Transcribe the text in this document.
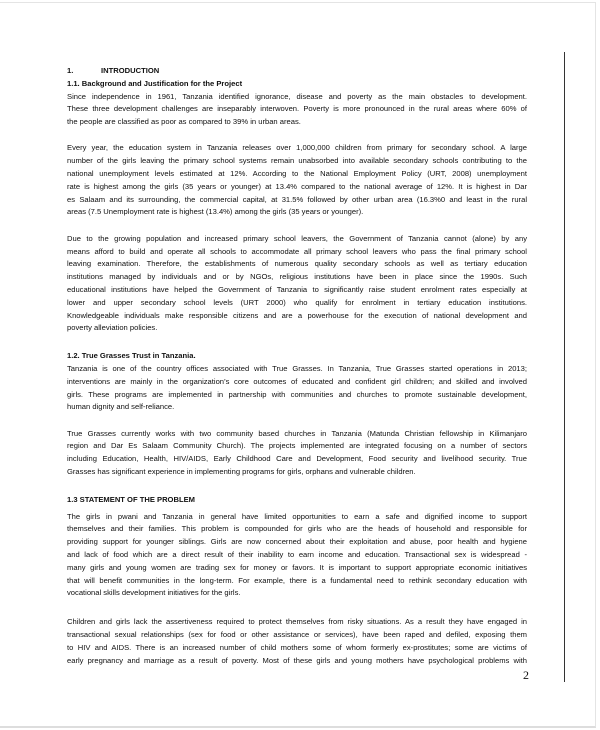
1.	INTRODUCTION
1.1. Background and Justification for the Project
Since independence in 1961, Tanzania identified ignorance, disease and poverty as the main obstacles to development.
These three development challenges are inseparably interwoven. Poverty is more pronounced in the rural areas where 60% of
the people are classified as poor as compared to 39% in urban areas.
Every year, the education system in Tanzania releases over 1,000,000 children from primary for secondary school. A large
number of the girls leaving the primary school systems remain unabsorbed into available secondary schools contributing to the
national unemployment levels estimated at 12%. According to the National Employment Policy (URT, 2008) unemployment
rate is highest among the girls (35 years or younger) at 13.4% compared to the national average of 12%. It is highest in Dar
es Salaam and its surrounding, the commercial capital, at 31.5% followed by other urban area (16.3%0 and least in the rural
areas (7.5 Unemployment rate is highest (13.4%) among the girls (35 years or younger).
Due to the growing population and increased primary school leavers, the Government of Tanzania cannot (alone) by any
means afford to build and operate all schools to accommodate all primary school leavers who pass the final primary school
leaving examination. Therefore, the establishments of numerous quality secondary schools as well as tertiary education
institutions managed by individuals and or by NGOs, religious institutions have been in place since the 1990s. Such
educational institutions have helped the Government of Tanzania to significantly raise student enrolment rates especially at
lower and upper secondary school levels (URT 2000) who qualify for enrolment in tertiary education institutions.
Knowledgeable individuals make responsible citizens and are a powerhouse for the execution of national development and
poverty alleviation policies.
1.2. True Grasses Trust in Tanzania.
Tanzania is one of the country offices associated with True Grasses. In Tanzania, True Grasses started operations in 2013;
interventions are mainly in the organization’s core outcomes of educated and confident girl children; and skilled and involved
girls. These programs are implemented in partnership with communities and churches to promote sustainable development,
human dignity and self-reliance.
True Grasses currently works with two community based churches in Tanzania (Matunda Christian fellowship in Kilimanjaro
region and Dar Es Salaam Community Church). The projects implemented are integrated focusing on a number of sectors
including Education, Health, HIV/AIDS, Early Childhood Care and Development, Food security and livelihood security. True
Grasses has significant experience in implementing programs for girls, orphans and vulnerable children.
1.3 STATEMENT OF THE PROBLEM
The girls in pwani and Tanzania in general have limited opportunities to earn a safe and dignified income to support
themselves and their families. This problem is compounded for girls who are the heads of household and responsible for
providing support for younger siblings. Girls are now concerned about their exploitation and abuse, poor health and hygiene
and lack of food which are a direct result of their inability to earn income and education. Transactional sex is widespread -
many girls and young women are trading sex for money or favors. It is important to support appropriate economic initiatives
that will benefit communities in the long-term. For example, there is a fundamental need to rethink secondary education with
vocational skills development initiatives for the girls.
Children and girls lack the assertiveness required to protect themselves from risky situations. As a result they have engaged in
transactional sexual relationships (sex for food or other assistance or services), have been raped and defiled, exposing them
to HIV and AIDS. There is an increased number of child mothers some of whom formerly ex-prostitutes; some are victims of
early pregnancy and marriage as a result of poverty. Most of these girls and young mothers have psychological problems with
2
